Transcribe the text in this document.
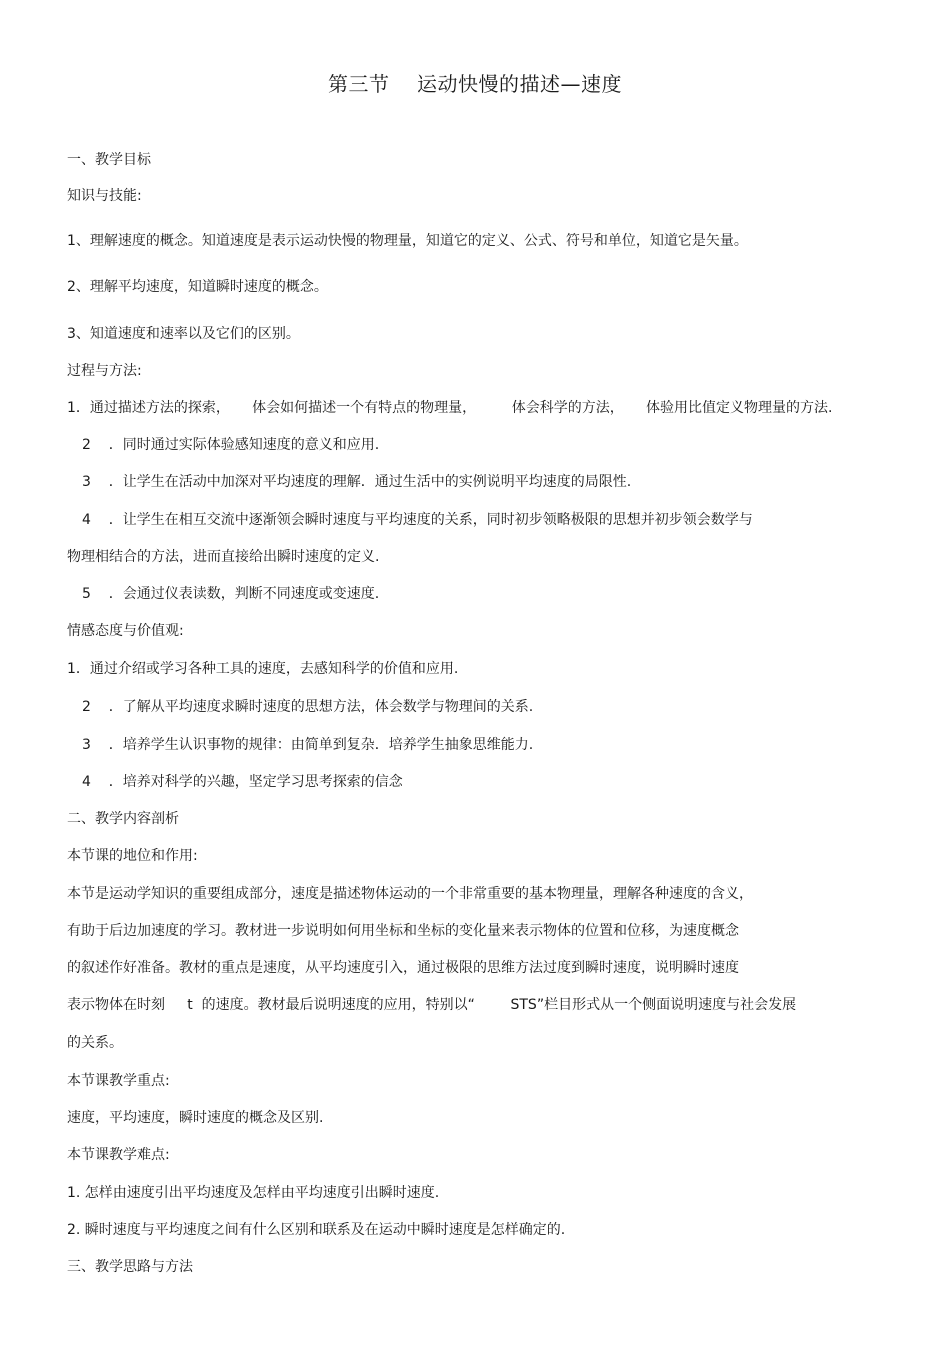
第三节    运动快慢的描述—速度
一、教学目标
知识与技能:
1、理解速度的概念。知道速度是表示运动快慢的物理量，知道它的定义、公式、符号和单位，知道它是矢量。
2、理解平均速度，知道瞬时速度的概念。
3、知道速度和速率以及它们的区别。
过程与方法:
1．通过描述方法的探索，     体会如何描述一个有特点的物理量，        体会科学的方法，     体验用比值定义物理量的方法.
2    ．同时通过实际体验感知速度的意义和应用.
3    ．让学生在活动中加深对平均速度的理解．通过生活中的实例说明平均速度的局限性.
4    ．让学生在相互交流中逐渐领会瞬时速度与平均速度的关系，同时初步领略极限的思想并初步领会数学与
物理相结合的方法，进而直接给出瞬时速度的定义.
5    ．会通过仪表读数，判断不同速度或变速度.
情感态度与价值观:
1．通过介绍或学习各种工具的速度，去感知科学的价值和应用.
2    ．了解从平均速度求瞬时速度的思想方法，体会数学与物理间的关系.
3    ．培养学生认识事物的规律：由简单到复杂．培养学生抽象思维能力.
4    ．培养对科学的兴趣，坚定学习思考探索的信念
二、教学内容剖析
本节课的地位和作用:
本节是运动学知识的重要组成部分，速度是描述物体运动的一个非常重要的基本物理量，理解各种速度的含义，
有助于后边加速度的学习。教材进一步说明如何用坐标和坐标的变化量来表示物体的位置和位移，为速度概念
的叙述作好准备。教材的重点是速度，从平均速度引入，通过极限的思维方法过度到瞬时速度，说明瞬时速度
表示物体在时刻     t  的速度。教材最后说明速度的应用，特别以“        STS”栏目形式从一个侧面说明速度与社会发展
的关系。
本节课教学重点:
速度，平均速度，瞬时速度的概念及区别.
本节课教学难点:
1. 怎样由速度引出平均速度及怎样由平均速度引出瞬时速度.
2. 瞬时速度与平均速度之间有什么区别和联系及在运动中瞬时速度是怎样确定的.
三、教学思路与方法
